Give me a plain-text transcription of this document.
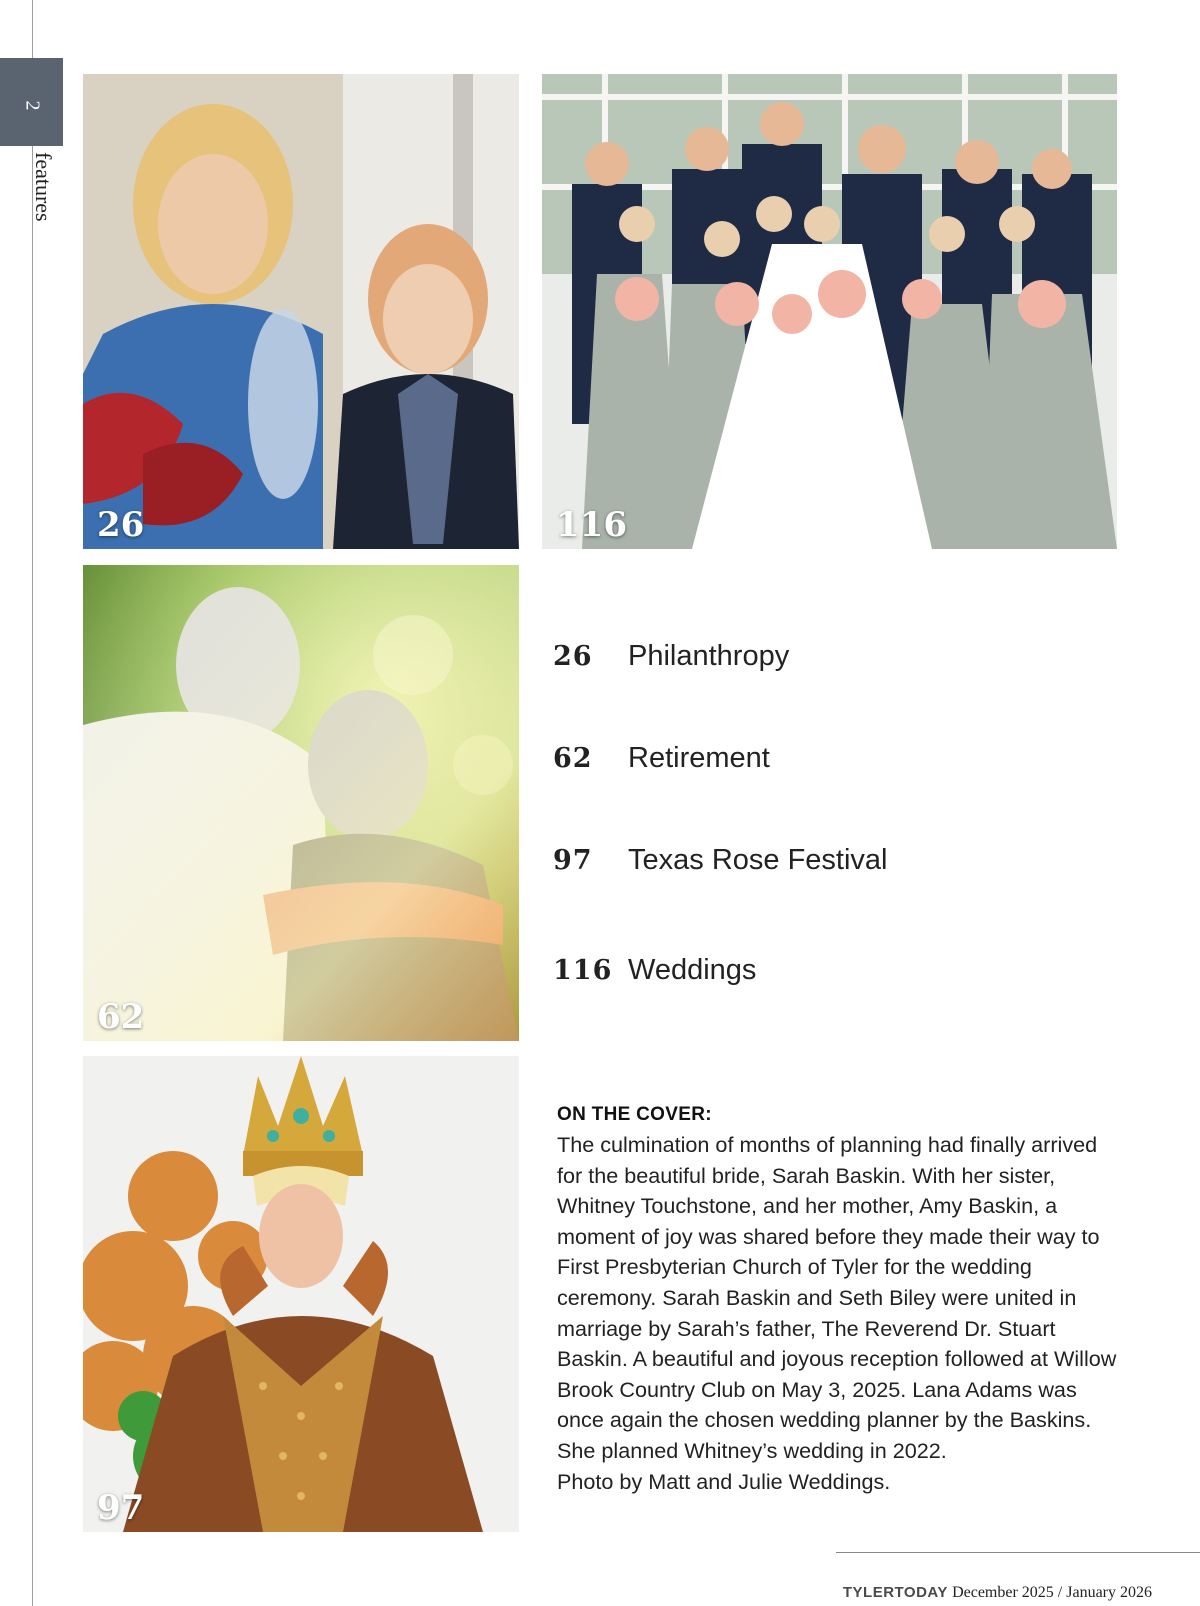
2
features
26	116
62
97
26	Philanthropy
62	Retirement
97	Texas Rose Festival
116 Weddings
ON THE COVER:

The culmination of months of planning had finally arrived for the beautiful bride, Sarah Baskin. With her sister, Whitney Touchstone, and her mother, Amy Baskin, a moment of joy was shared before they made their way to First Presbyterian Church of Tyler for the wedding ceremony. Sarah Baskin and Seth Biley were united in marriage by Sarah’s father, The Reverend Dr. Stuart Baskin. A beautiful and joyous reception followed at Willow Brook Country Club on May 3, 2025. Lana Adams was once again the chosen wedding planner by the Baskins. She planned Whitney’s wedding in 2022.

Photo by Matt and Julie Weddings.

TYLERTODAY December 2025 / January 2026
